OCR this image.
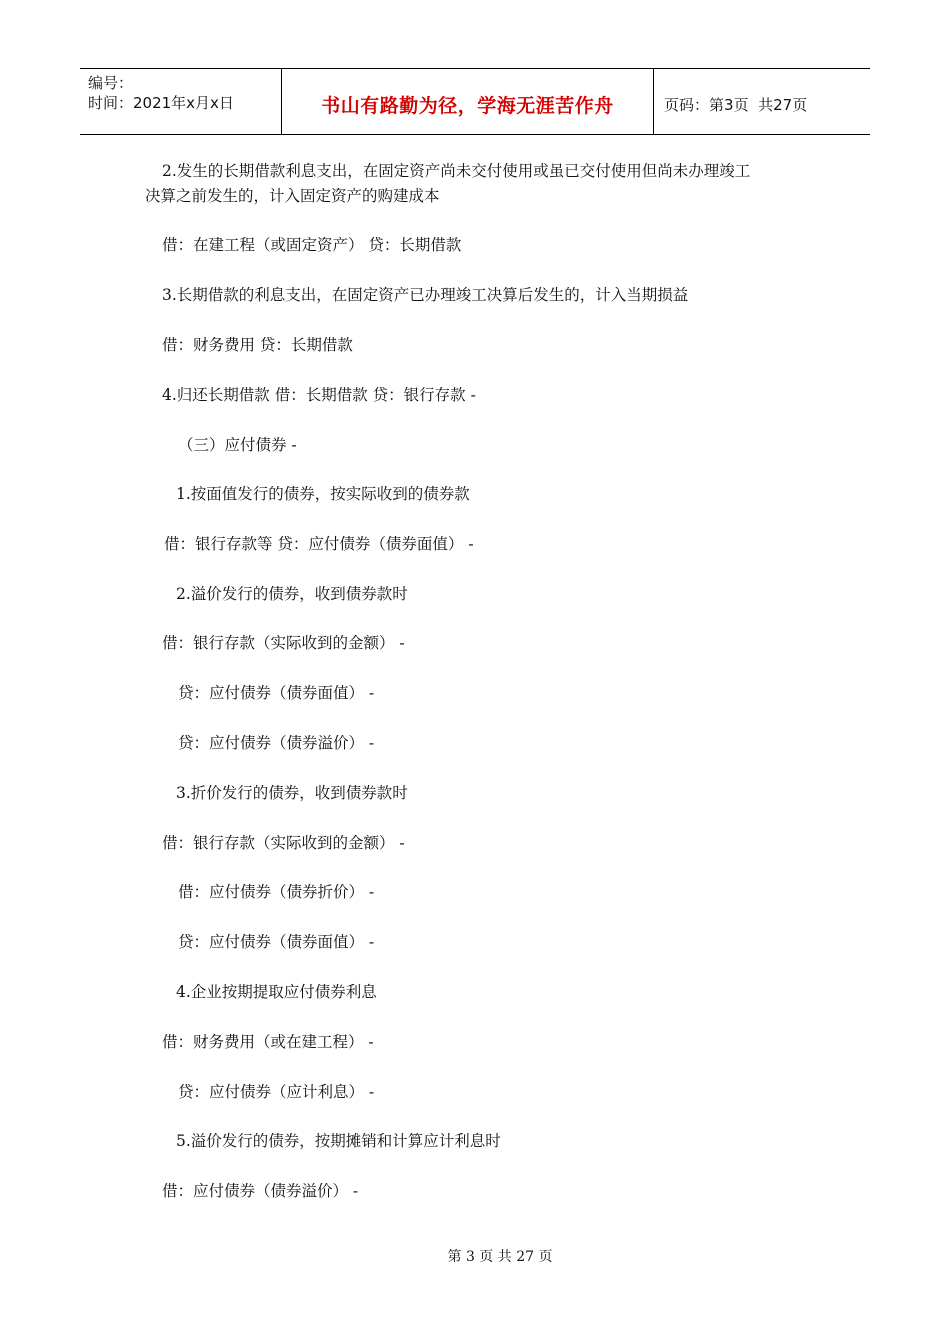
编号：
时间：2021年x月x日	书山有路勤为径，学海无涯苦作舟	页码：第 3 页  共 27 页
2.发生的长期借款利息支出，在固定资产尚未交付使用或虽已交付使用但尚未办理竣工
决算之前发生的，计入固定资产的购建成本
借：在建工程（或固定资产） 贷：长期借款
3.长期借款的利息支出，在固定资产已办理竣工决算后发生的，计入当期损益
借：财务费用 贷：长期借款
4.归还长期借款 借：长期借款 贷：银行存款 -
（三）应付债券 -
1.按面值发行的债券，按实际收到的债券款
借：银行存款等 贷：应付债券（债券面值） -
2.溢价发行的债券，收到债券款时
借：银行存款（实际收到的金额） -
贷：应付债券（债券面值） -
贷：应付债券（债券溢价） -
3.折价发行的债券，收到债券款时
借：银行存款（实际收到的金额） -
借：应付债券（债券折价） -
贷：应付债券（债券面值） -
4.企业按期提取应付债券利息
借：财务费用（或在建工程） -
贷：应付债券（应计利息） -
5.溢价发行的债券，按期摊销和计算应计利息时
借：应付债券（债券溢价） -
第 3 页 共 27 页
